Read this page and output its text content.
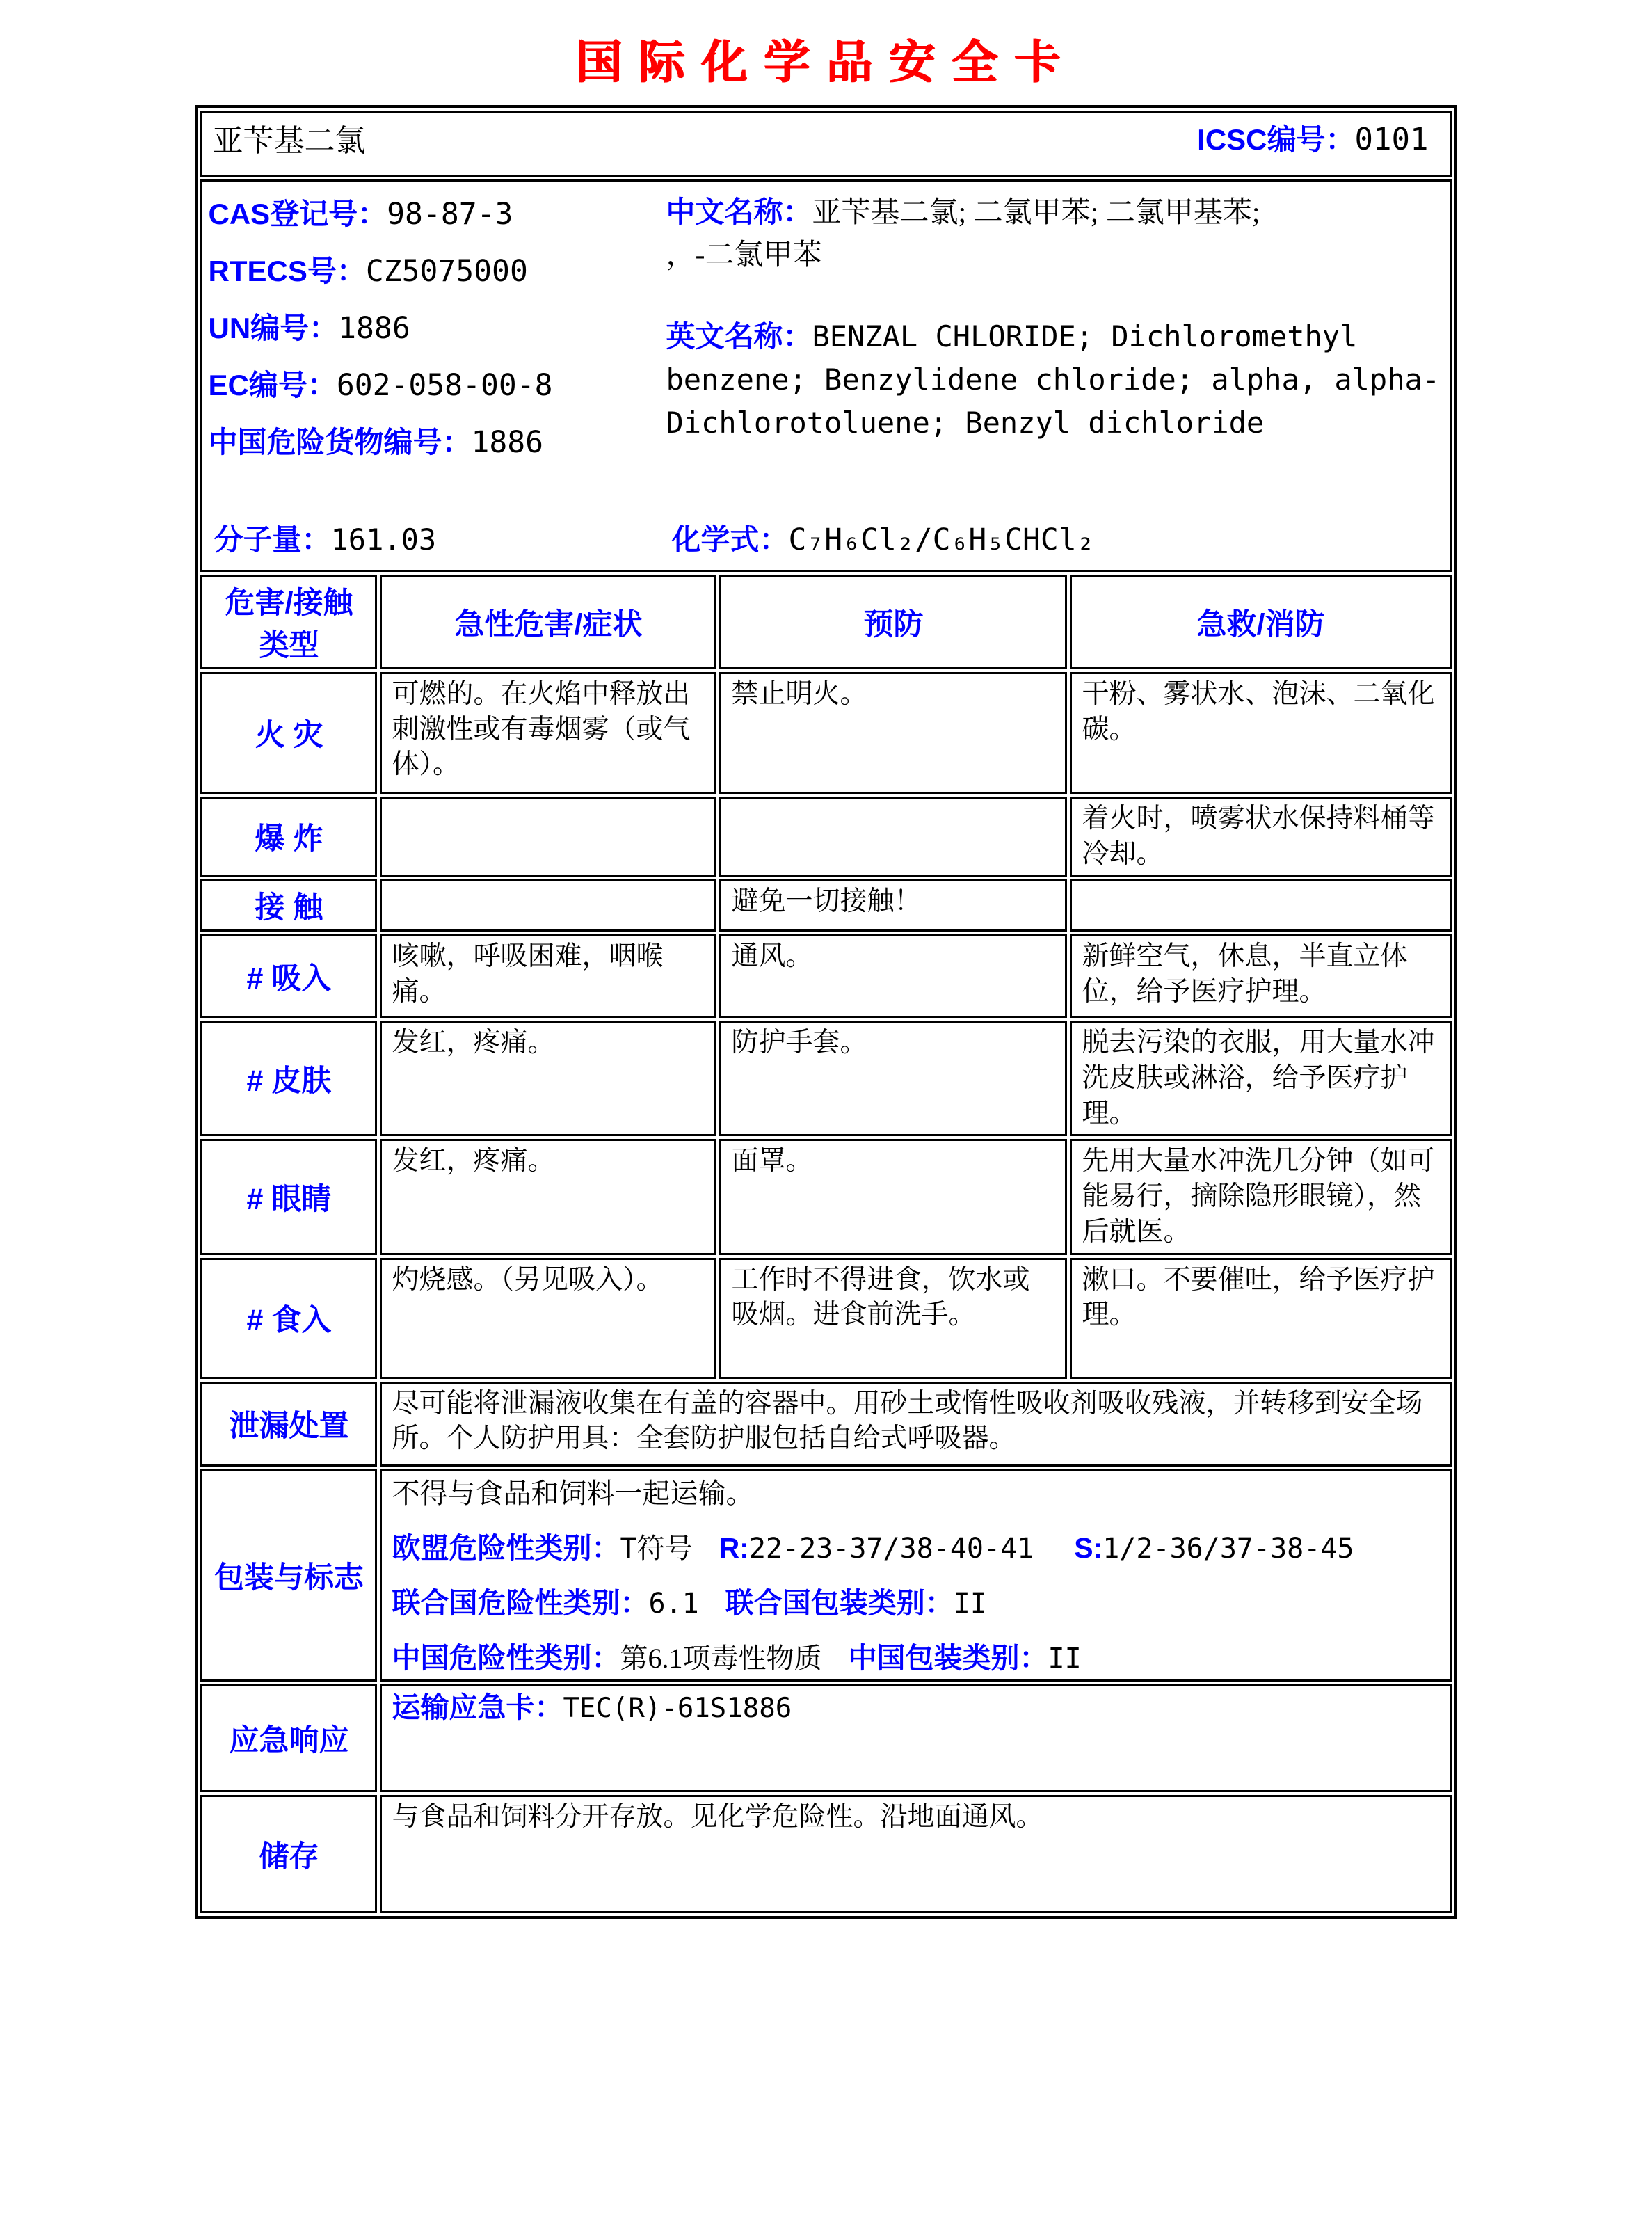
国际化学品安全卡
亚苄基二氯 ICSC编号：0101			

CAS登记号：98-87-3
RTECS号：CZ5075000
UN编号：1886
EC编号：602-058-00-8
中国危险货物编号：1886
中文名称：亚苄基二氯; 二氯甲苯; 二氯甲基苯;
，-二氯甲苯
英文名称：BENZAL CHLORIDE; Dichloromethyl benzene; Benzylidene chloride; alpha, alpha-Dichlorotoluene; Benzyl dichloride
分子量：161.03	化学式：C₇H₆Cl₂/C₆H₅CHCl₂

危害/接触
类型	急性危害/症状	预防	急救/消防
火 灾	可燃的。在火焰中释放出刺激性或有毒烟雾（或气体）。	禁止明火。	干粉、雾状水、泡沫、二氧化碳。
爆 炸			着火时，喷雾状水保持料桶等冷却。
接 触		避免一切接触！	
# 吸入	咳嗽，呼吸困难，咽喉痛。	通风。	新鲜空气，休息，半直立体位，给予医疗护理。
# 皮肤	发红，疼痛。	防护手套。	脱去污染的衣服，用大量水冲洗皮肤或淋浴，给予医疗护理。
# 眼睛	发红，疼痛。	面罩。	先用大量水冲洗几分钟（如可能易行，摘除隐形眼镜），然后就医。
# 食入	灼烧感。（另见吸入）。	工作时不得进食，饮水或吸烟。进食前洗手。	漱口。不要催吐，给予医疗护理。
泄漏处置	尽可能将泄漏液收集在有盖的容器中。用砂土或惰性吸收剂吸收残液，并转移到安全场所。个人防护用具：全套防护服包括自给式呼吸器。		
包装与标志	不得与食品和饲料一起运输。
欧盟危险性类别：T符号 R:22-23-37/38-40-41 S:1/2-36/37-38-45
联合国危险性类别：6.1 联合国包装类别：II
中国危险性类别：第6.1项毒性物质 中国包装类别：II		

应急响应	运输应急卡：TEC(R)-61S1886		
储存	与食品和饲料分开存放。见化学危险性。沿地面通风。		
